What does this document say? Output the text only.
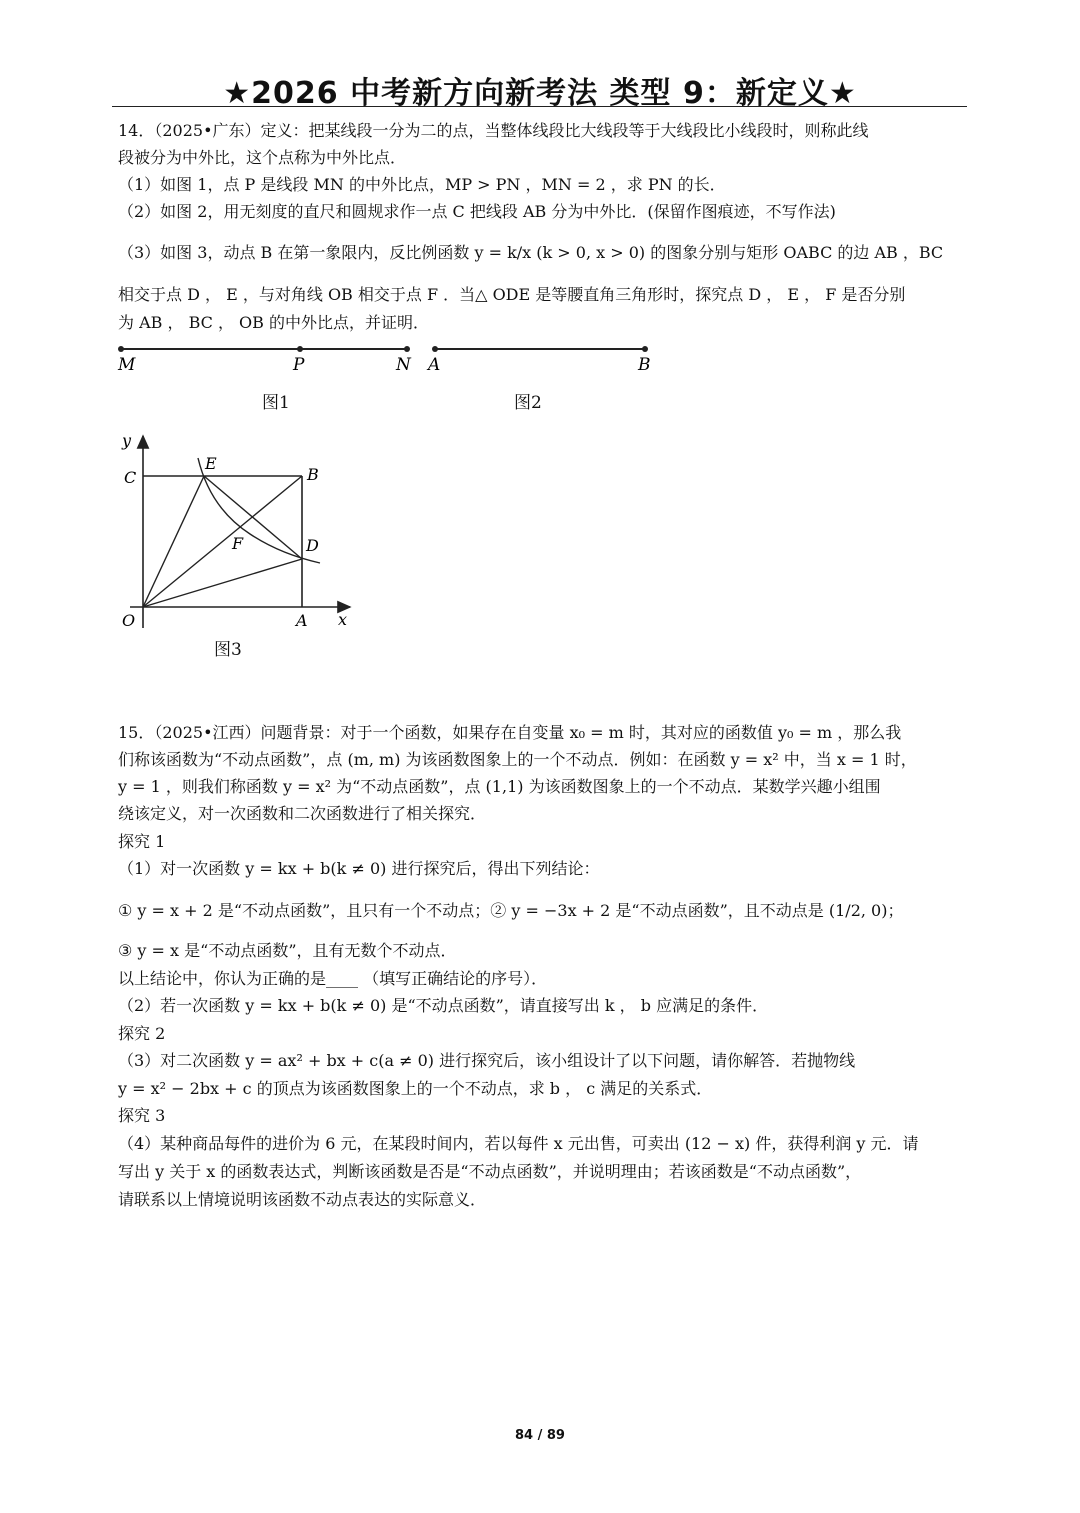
★2026 中考新方向新考法 类型 9：新定义★
14．（2025•广东）定义：把某线段一分为二的点，当整体线段比大线段等于大线段比小线段时，则称此线
段被分为中外比，这个点称为中外比点．
（1）如图 1，点 P 是线段 MN 的中外比点，MP > PN ，MN = 2 ，求 PN 的长．
（2）如图 2，用无刻度的直尺和圆规求作一点 C 把线段 AB 分为中外比．(保留作图痕迹，不写作法)
（3）如图 3，动点 B 在第一象限内，反比例函数 y = k/x (k > 0, x > 0) 的图象分别与矩形 OABC 的边 AB ，BC
相交于点 D ， E ，与对角线 OB 相交于点 F ．当△ ODE 是等腰直角三角形时，探究点 D ， E ， F 是否分别
为 AB ， BC ， OB 的中外比点，并证明．
M	P	N A	B
图1	图2
y
x
O
C
E
B
F	D
A
图3
15．（2025•江西）问题背景：对于一个函数，如果存在自变量 x₀ = m 时，其对应的函数值 y₀ = m ，那么我
们称该函数为“不动点函数”，点 (m, m) 为该函数图象上的一个不动点．例如：在函数 y = x² 中，当 x = 1 时，
y = 1 ，则我们称函数 y = x² 为“不动点函数”，点 (1,1) 为该函数图象上的一个不动点．某数学兴趣小组围
绕该定义，对一次函数和二次函数进行了相关探究．
探究 1
（1）对一次函数 y = kx + b(k ≠ 0) 进行探究后，得出下列结论：
① y = x + 2 是“不动点函数”，且只有一个不动点；② y = −3x + 2 是“不动点函数”，且不动点是 (1/2, 0)；
③ y = x 是“不动点函数”，且有无数个不动点．
以上结论中，你认为正确的是____ （填写正确结论的序号）．
（2）若一次函数 y = kx + b(k ≠ 0) 是“不动点函数”，请直接写出 k ， b 应满足的条件．
探究 2
（3）对二次函数 y = ax² + bx + c(a ≠ 0) 进行探究后，该小组设计了以下问题，请你解答．若抛物线
y = x² − 2bx + c 的顶点为该函数图象上的一个不动点，求 b ， c 满足的关系式．
探究 3
（4）某种商品每件的进价为 6 元，在某段时间内，若以每件 x 元出售，可卖出 (12 − x) 件，获得利润 y 元．请
写出 y 关于 x 的函数表达式，判断该函数是否是“不动点函数”，并说明理由；若该函数是“不动点函数”，
请联系以上情境说明该函数不动点表达的实际意义．
84 / 89
